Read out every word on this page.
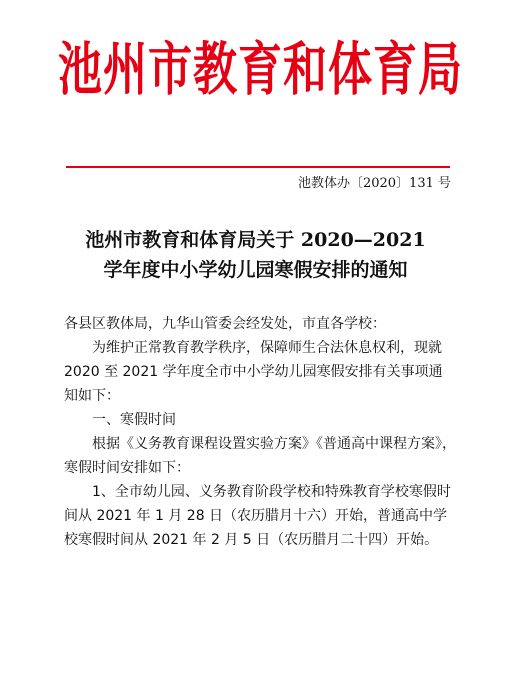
池州市教育和体育局
池教体办〔2020〕131 号
池州市教育和体育局关于 2020—2021
学年度中小学幼儿园寒假安排的通知

各县区教体局，九华山管委会经发处，市直各学校：

为维护正常教育教学秩序，保障师生合法休息权利，现就 2020 至 2021 学年度全市中小学幼儿园寒假安排有关事项通知如下：

一、寒假时间

根据《义务教育课程设置实验方案》《普通高中课程方案》，寒假时间安排如下：

1、全市幼儿园、义务教育阶段学校和特殊教育学校寒假时间从 2021 年 1 月 28 日（农历腊月十六）开始，普通高中学校寒假时间从 2021 年 2 月 5 日（农历腊月二十四）开始。
